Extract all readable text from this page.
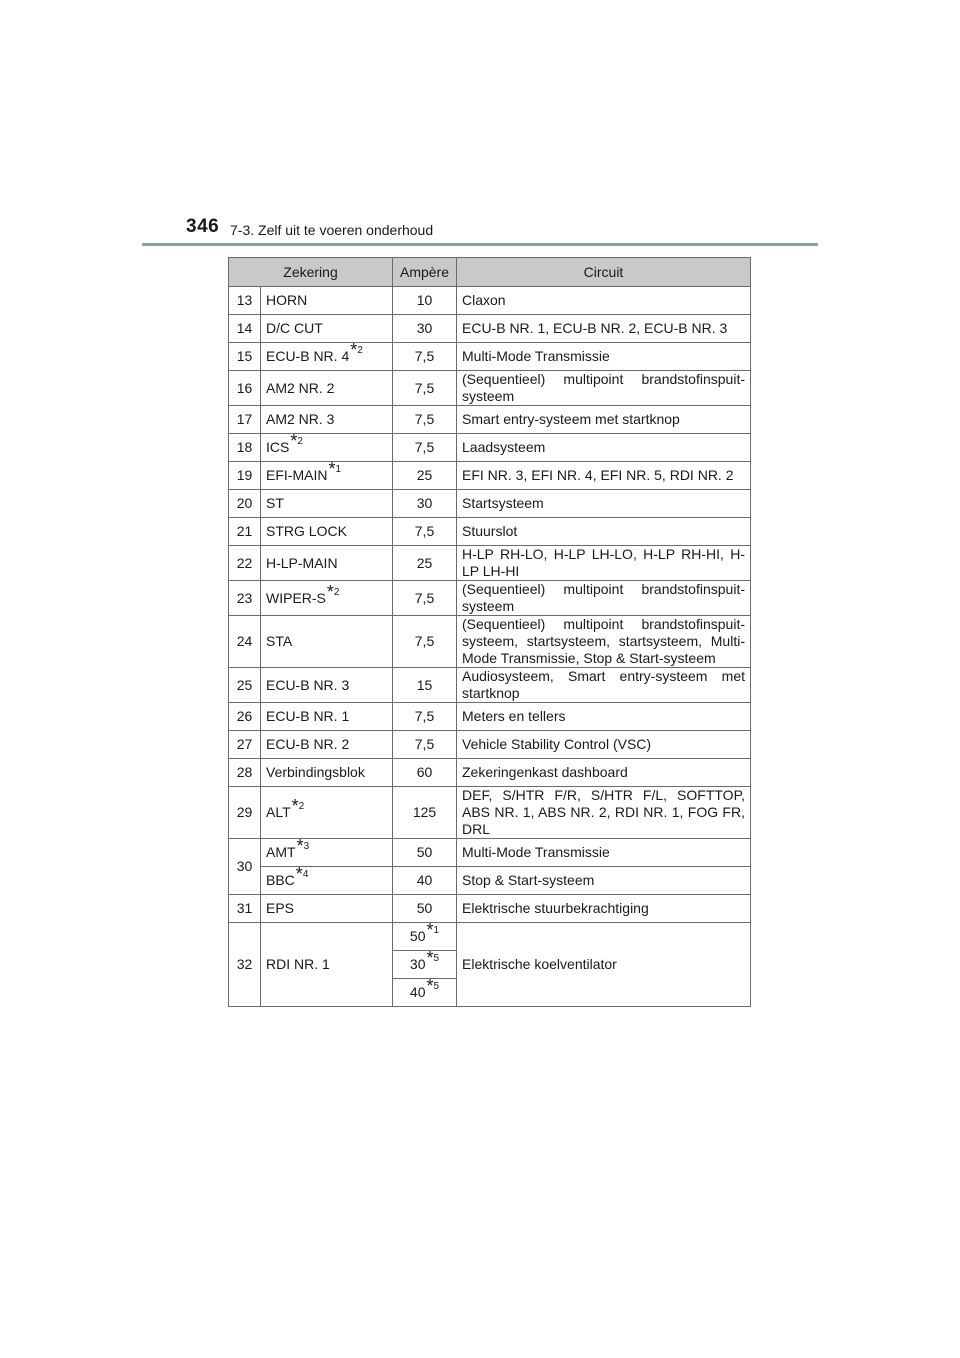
346 7-3. Zelf uit te voeren onderhoud
Zekering		Ampère	Circuit
13	HORN	10	Claxon
14	D/C CUT	30	ECU-B NR. 1, ECU-B NR. 2, ECU-B NR. 3
15	ECU-B NR. 4*$^2$	7,5	Multi-Mode Transmissie
16	AM2 NR. 2	7,5	(Sequentieel) multipoint brandstofinspuit-systeem
17	AM2 NR. 3	7,5	Smart entry-systeem met startknop
18	ICS*$^2$	7,5	Laadsysteem
19	EFI-MAIN*$^1$	25	EFI NR. 3, EFI NR. 4, EFI NR. 5, RDI NR. 2
20	ST	30	Startsysteem
21	STRG LOCK	7,5	Stuurslot
22	H-LP-MAIN	25	H-LP RH-LO, H-LP LH-LO, H-LP RH-HI, H-LP LH-HI
23	WIPER-S*$^2$	7,5	(Sequentieel) multipoint brandstofinspuit-systeem
24	STA	7,5	(Sequentieel) multipoint brandstofinspuit-systeem, startsysteem, startsysteem, Multi-Mode Transmissie, Stop & Start-systeem
25	ECU-B NR. 3	15	Audiosysteem, Smart entry-systeem met startknop
26	ECU-B NR. 1	7,5	Meters en tellers
27	ECU-B NR. 2	7,5	Vehicle Stability Control (VSC)
28	Verbindingsblok	60	Zekeringenkast dashboard
29	ALT*$^2$	125	DEF, S/HTR F/R, S/HTR F/L, SOFTTOP, ABS NR. 1, ABS NR. 2, RDI NR. 1, FOG FR, DRL
30	AMT*$^3$	50	Multi-Mode Transmissie
	BBC*$^4$	40	Stop & Start-systeem
31	EPS	50	Elektrische stuurbekrachtiging
32	RDI NR. 1	50*$^1$	Elektrische koelventilator
		30*$^5$
		40*$^5$
